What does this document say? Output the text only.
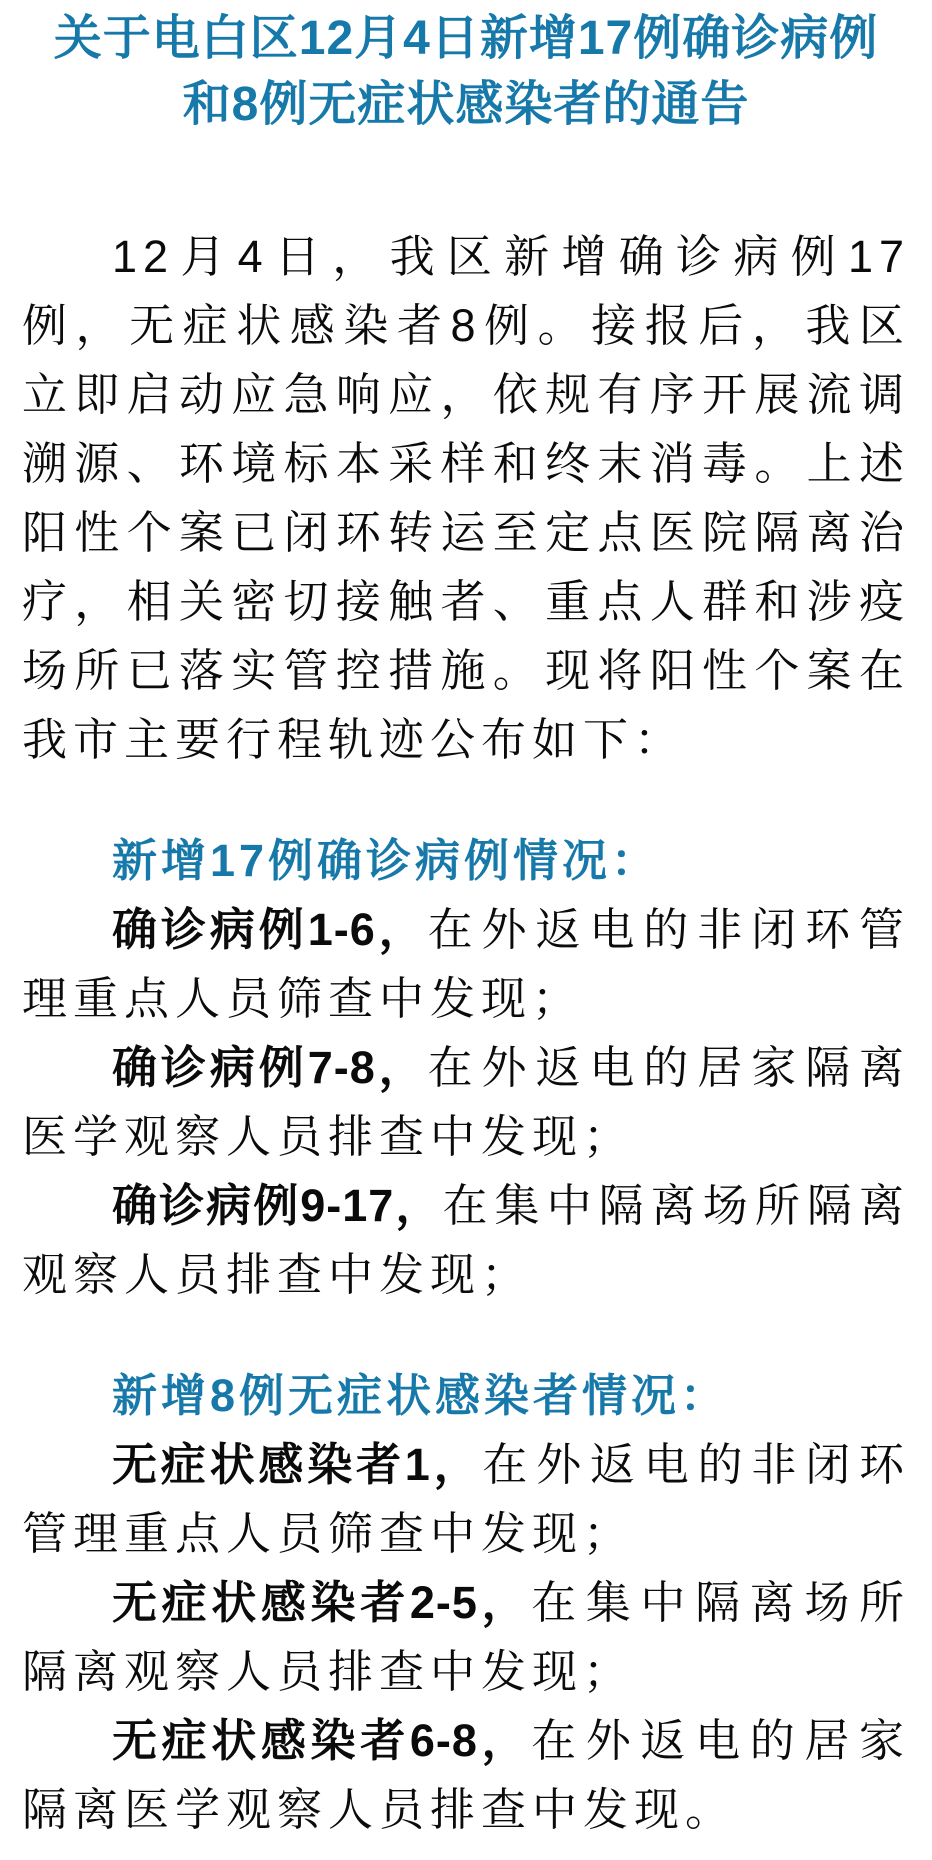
关于电白区12月4日新增17例确诊病例
和8例无症状感染者的通告

12月4日，我区新增确诊病例17例，无症状感染者8例。接报后，我区立即启动应急响应，依规有序开展流调溯源、环境标本采样和终末消毒。上述阳性个案已闭环转运至定点医院隔离治疗，相关密切接触者、重点人群和涉疫场所已落实管控措施。现将阳性个案在我市主要行程轨迹公布如下：

新增17例确诊病例情况：

确诊病例1-6，在外返电的非闭环管理重点人员筛查中发现；

确诊病例7-8，在外返电的居家隔离医学观察人员排查中发现；

确诊病例9-17，在集中隔离场所隔离观察人员排查中发现；

新增8例无症状感染者情况：

无症状感染者1，在外返电的非闭环管理重点人员筛查中发现；

无症状感染者2-5，在集中隔离场所隔离观察人员排查中发现；

无症状感染者6-8，在外返电的居家隔离医学观察人员排查中发现。
